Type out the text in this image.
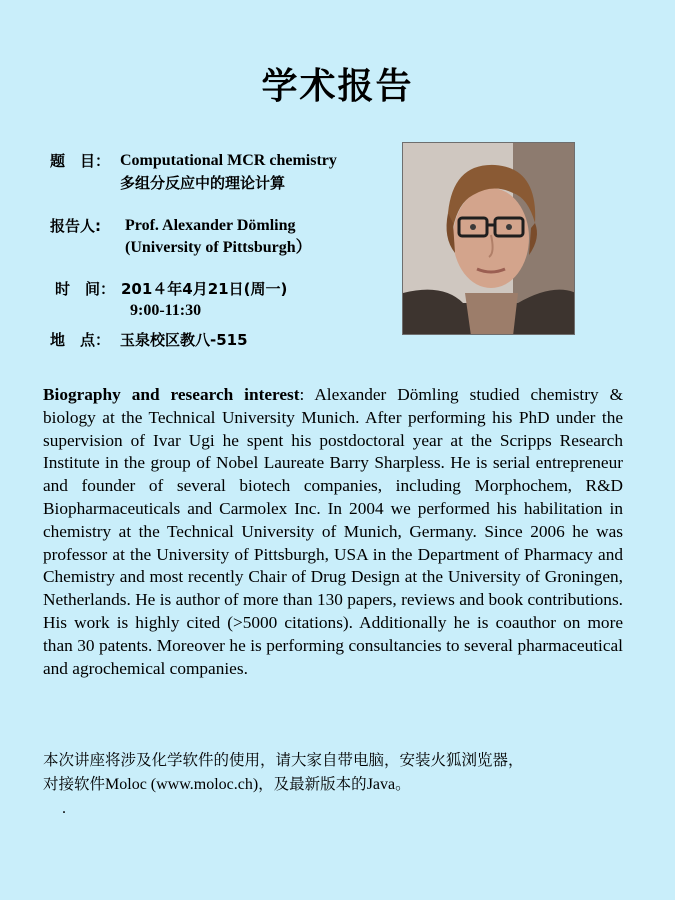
学术报告
题　目： Computational MCR chemistry
多组分反应中的理论计算
报告人: Prof. Alexander Dömling
(University of Pittsburgh）
时　间： 201４年4月21日(周一)
9:00-11:30
地　点： 玉泉校区教八-515
Biography and research interest: Alexander Dömling studied chemistry & biology at the Technical University Munich. After performing his PhD under the supervision of Ivar Ugi he spent his postdoctoral year at the Scripps Research Institute in the group of Nobel Laureate Barry Sharpless. He is serial entrepreneur and founder of several biotech companies, including Morphochem, R&D Biopharmaceuticals and Carmolex Inc. In 2004 we performed his habilitation in chemistry at the Technical University of Munich, Germany. Since 2006 he was professor at the University of Pittsburgh, USA in the Department of Pharmacy and Chemistry and most recently Chair of Drug Design at the University of Groningen, Netherlands. He is author of more than 130 papers, reviews and book contributions. His work is highly cited (>5000 citations). Additionally he is coauthor on more than 30 patents. Moreover he is performing consultancies to several pharmaceutical and agrochemical companies.
本次讲座将涉及化学软件的使用，请大家自带电脑，安装火狐浏览器，
对接软件Moloc (www.moloc.ch)，及最新版本的Java。
.
